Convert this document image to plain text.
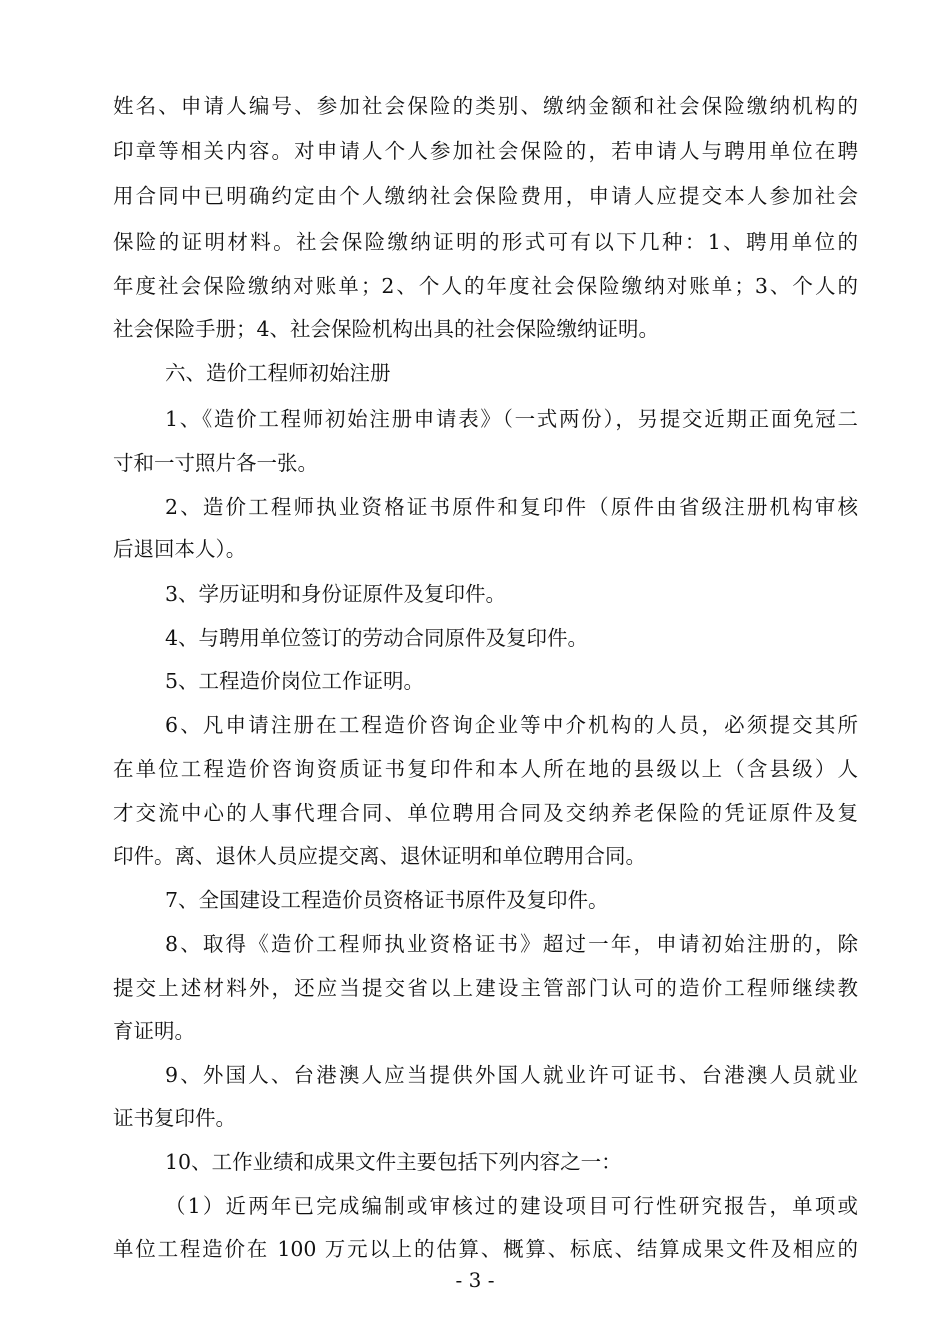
姓名、申请人编号、参加社会保险的类别、缴纳金额和社会保险缴纳机构的
印章等相关内容。对申请人个人参加社会保险的，若申请人与聘用单位在聘
用合同中已明确约定由个人缴纳社会保险费用，申请人应提交本人参加社会
保险的证明材料。社会保险缴纳证明的形式可有以下几种：1、聘用单位的
年度社会保险缴纳对账单；2、个人的年度社会保险缴纳对账单；3、个人的
社会保险手册；4、社会保险机构出具的社会保险缴纳证明。
六、造价工程师初始注册
1、《造价工程师初始注册申请表》（一式两份），另提交近期正面免冠二
寸和一寸照片各一张。
2、造价工程师执业资格证书原件和复印件（原件由省级注册机构审核
后退回本人）。
3、学历证明和身份证原件及复印件。
4、与聘用单位签订的劳动合同原件及复印件。
5、工程造价岗位工作证明。
6、凡申请注册在工程造价咨询企业等中介机构的人员，必须提交其所
在单位工程造价咨询资质证书复印件和本人所在地的县级以上（含县级）人
才交流中心的人事代理合同、单位聘用合同及交纳养老保险的凭证原件及复
印件。离、退休人员应提交离、退休证明和单位聘用合同。
7、全国建设工程造价员资格证书原件及复印件。
8、取得《造价工程师执业资格证书》超过一年，申请初始注册的，除
提交上述材料外，还应当提交省以上建设主管部门认可的造价工程师继续教
育证明。
9、外国人、台港澳人应当提供外国人就业许可证书、台港澳人员就业
证书复印件。
10、工作业绩和成果文件主要包括下列内容之一：
（1）近两年已完成编制或审核过的建设项目可行性研究报告，单项或
单位工程造价在 100 万元以上的估算、概算、标底、结算成果文件及相应的
- 3 -
